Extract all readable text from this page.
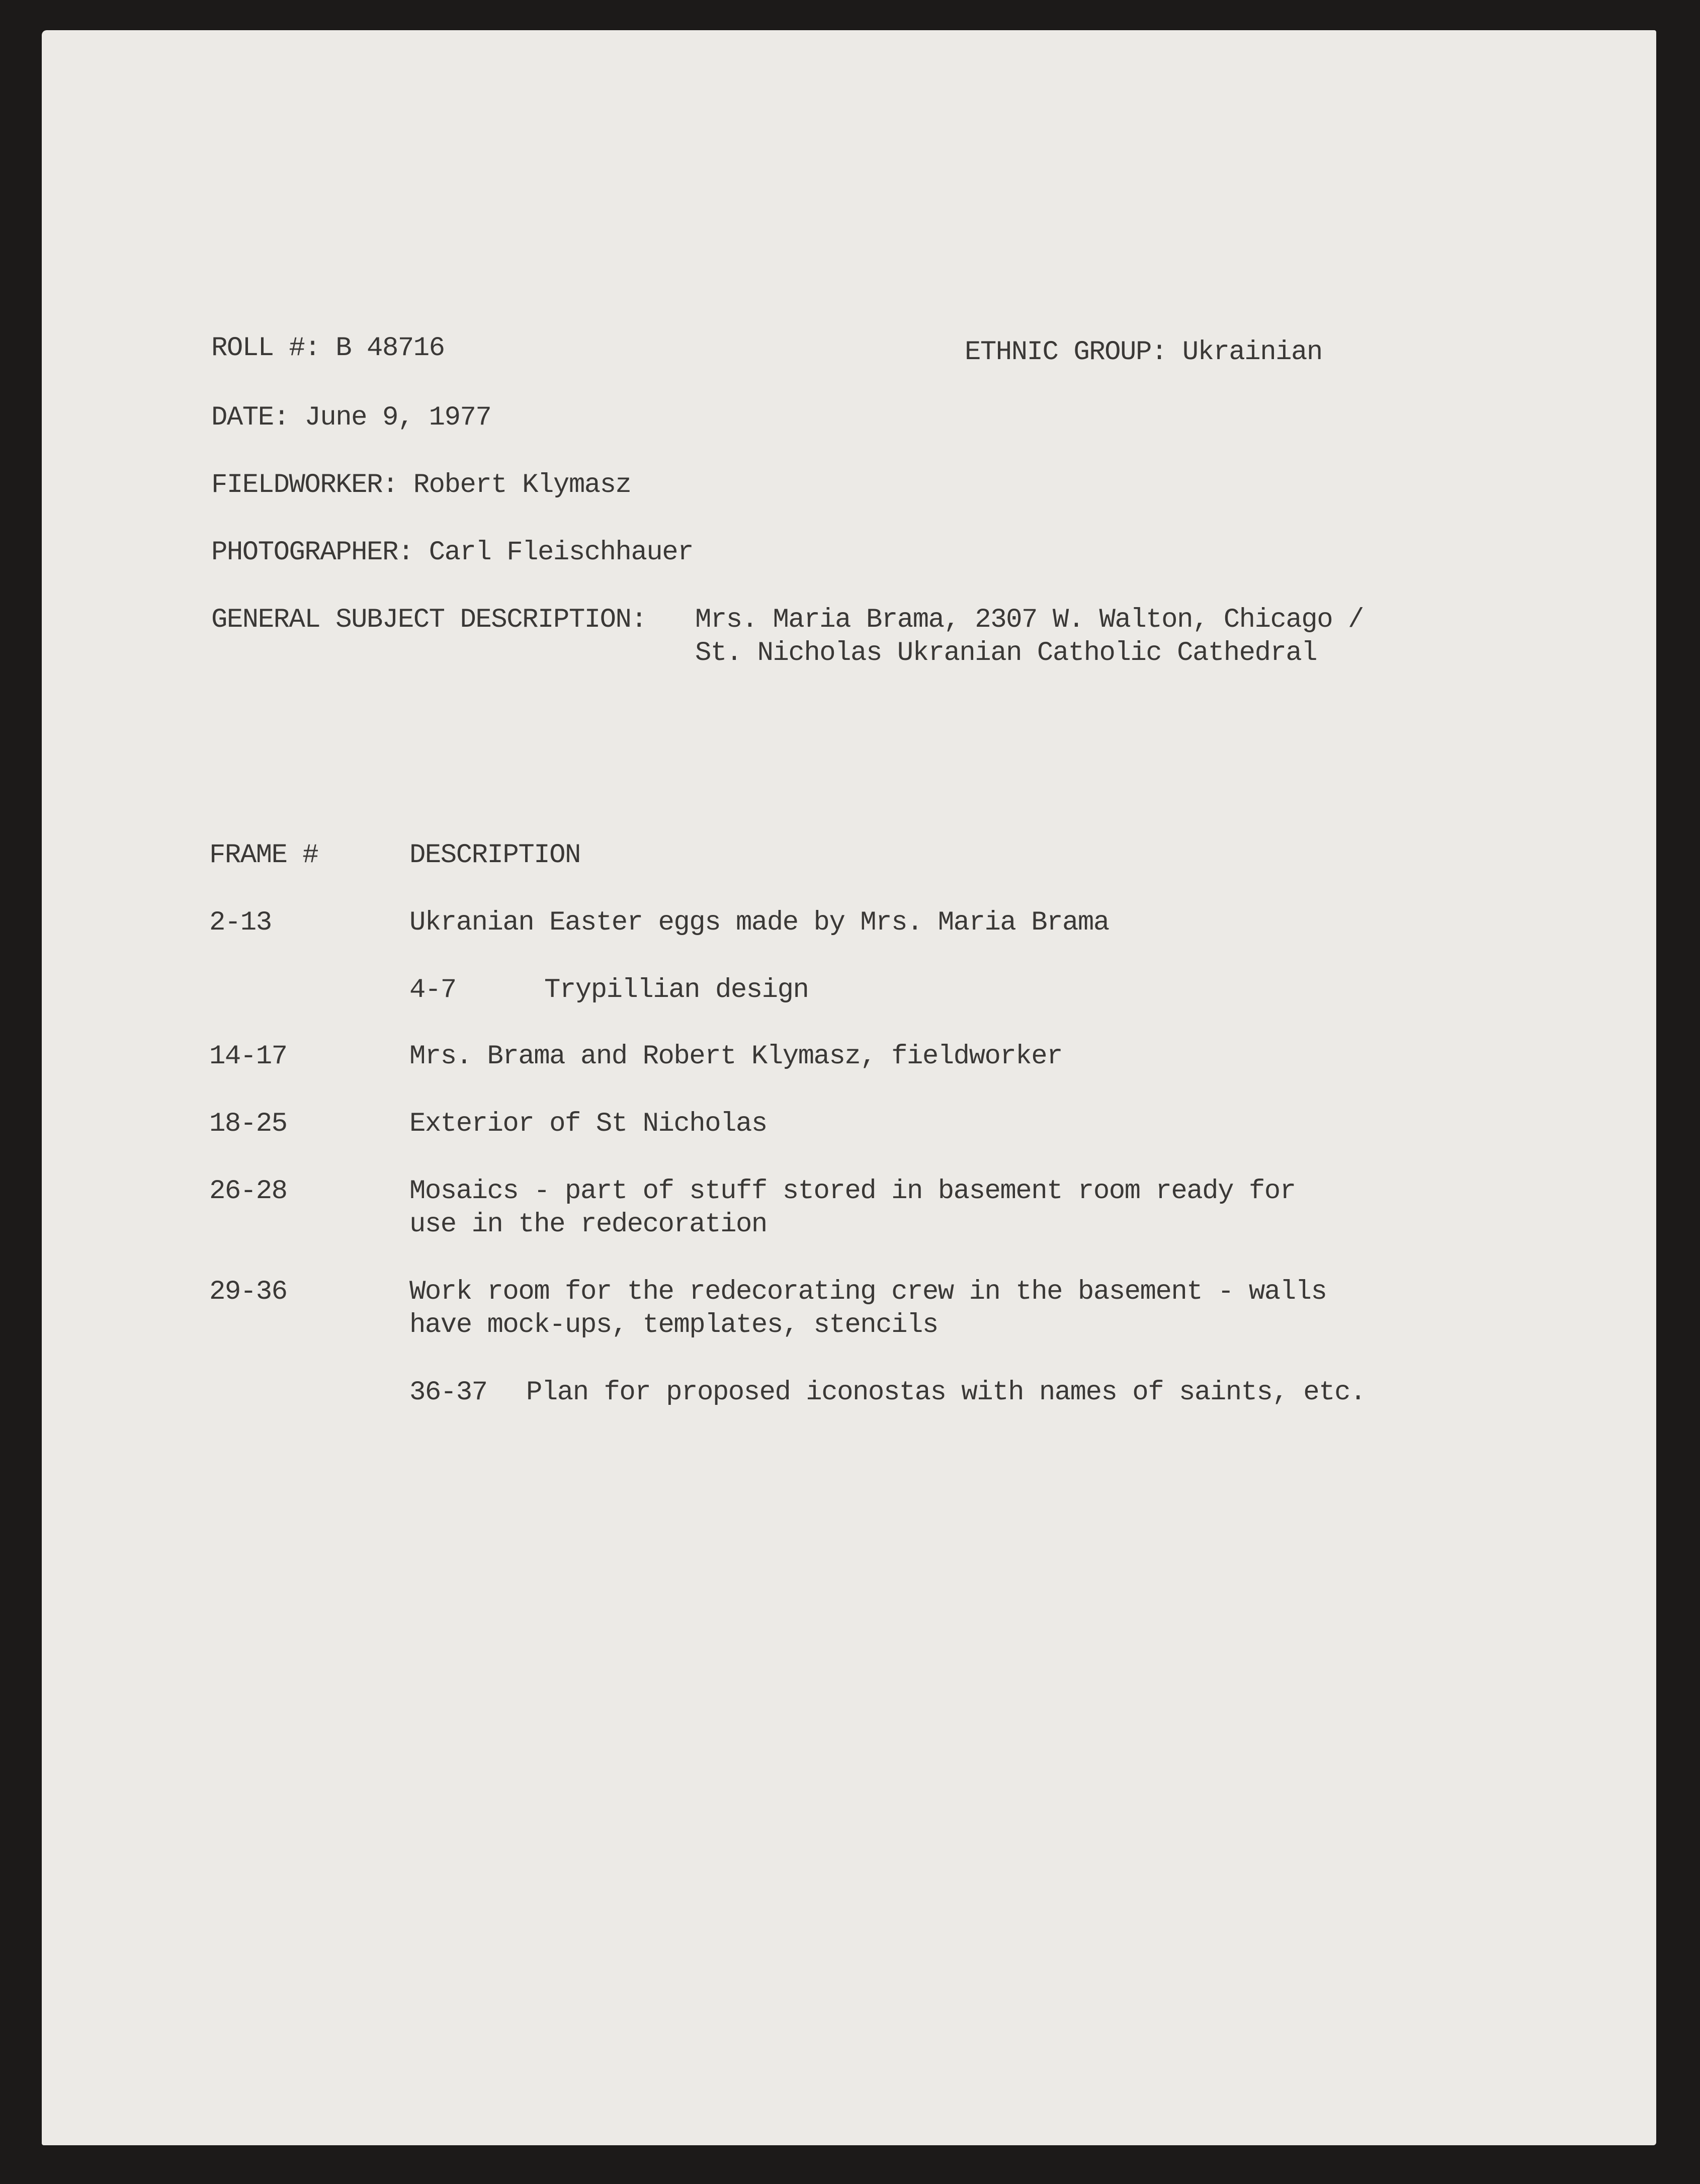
ROLL #: B 48716	ETHNIC GROUP: Ukrainian
DATE: June 9, 1977
FIELDWORKER: Robert Klymasz
PHOTOGRAPHER: Carl Fleischhauer
GENERAL SUBJECT DESCRIPTION: Mrs. Maria Brama, 2307 W. Walton, Chicago /
St. Nicholas Ukranian Catholic Cathedral
FRAME #	DESCRIPTION
2-13	Ukranian Easter eggs made by Mrs. Maria Brama
4-7	Trypillian design
14-17	Mrs. Brama and Robert Klymasz, fieldworker
18-25	Exterior of St Nicholas
26-28	Mosaics - part of stuff stored in basement room ready for
use in the redecoration
29-36	Work room for the redecorating crew in the basement - walls
have mock-ups, templates, stencils
36-37 Plan for proposed iconostas with names of saints, etc.
